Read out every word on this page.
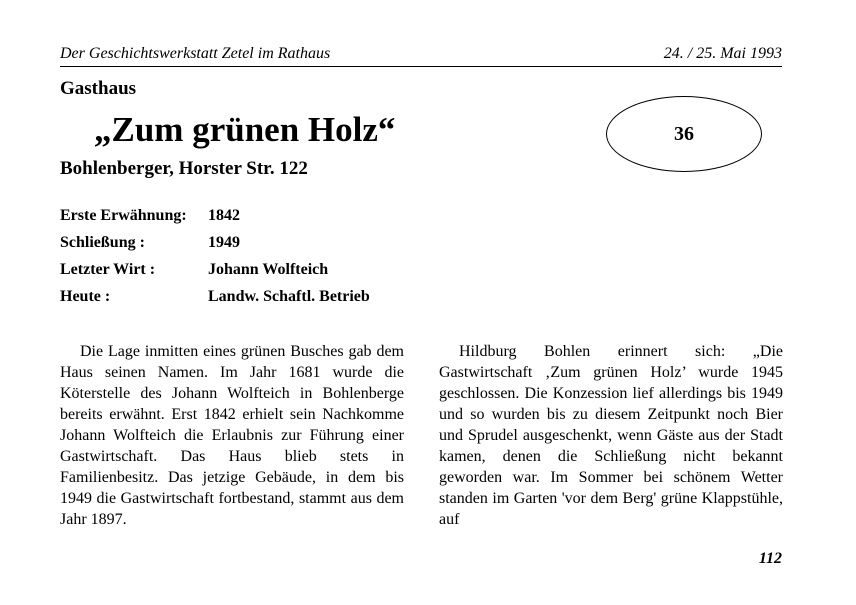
Der Geschichtswerkstatt Zetel im Rathaus	24. / 25. Mai 1993
Gasthaus
„Zum grünen Holz“
Bohlenberger, Horster Str. 122
36
Erste Erwähnung: 1842
Schließung :	1949
Letzter Wirt :	Johann Wolfteich
Heute :	Landw. Schaftl. Betrieb

Die Lage inmitten eines grünen Busches gab dem Haus seinen Namen. Im Jahr 1681 wurde die Köterstelle des Johann Wolfteich in Bohlenberge bereits erwähnt. Erst 1842 erhielt sein Nachkomme Johann Wolfteich die Erlaubnis zur Führung einer Gastwirtschaft. Das Haus blieb stets in Familienbesitz. Das jetzige Gebäude, in dem bis 1949 die Gastwirtschaft fortbestand, stammt aus dem Jahr 1897.

Hildburg Bohlen erinnert sich: „Die Gastwirtschaft ‚Zum grünen Holz’ wurde 1945 geschlossen. Die Konzession lief allerdings bis 1949 und so wurden bis zu diesem Zeitpunkt noch Bier und Sprudel ausgeschenkt, wenn Gäste aus der Stadt kamen, denen die Schließung nicht bekannt geworden war. Im Sommer bei schönem Wetter standen im Garten 'vor dem Berg' grüne Klappstühle, auf

112
